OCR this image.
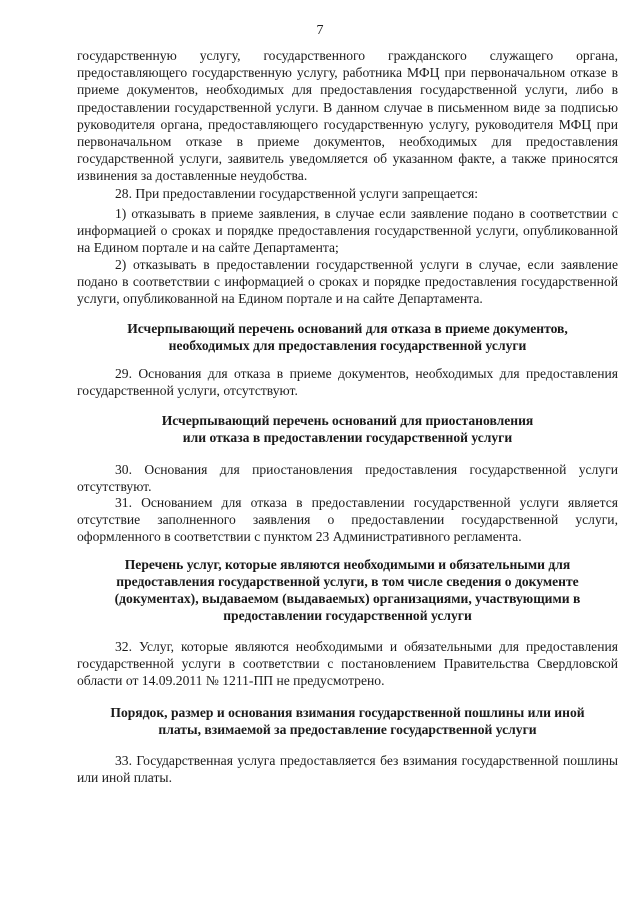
7

государственную услугу, государственного гражданского служащего органа, предоставляющего государственную услугу, работника МФЦ при первоначальном отказе в приеме документов, необходимых для предоставления государственной услуги, либо в предоставлении государственной услуги. В данном случае в письменном виде за подписью руководителя органа, предоставляющего государственную услугу, руководителя МФЦ при первоначальном отказе в приеме документов, необходимых для предоставления государственной услуги, заявитель уведомляется об указанном факте, а также приносятся извинения за доставленные неудобства.

28. При предоставлении государственной услуги запрещается:

1) отказывать в приеме заявления, в случае если заявление подано в соответствии с информацией о сроках и порядке предоставления государственной услуги, опубликованной на Едином портале и на сайте Департамента;

2) отказывать в предоставлении государственной услуги в случае, если заявление подано в соответствии с информацией о сроках и порядке предоставления государственной услуги, опубликованной на Едином портале и на сайте Департамента.

Исчерпывающий перечень оснований для отказа в приеме документов,
необходимых для предоставления государственной услуги

29. Основания для отказа в приеме документов, необходимых для предоставления государственной услуги, отсутствуют.

Исчерпывающий перечень оснований для приостановления
или отказа в предоставлении государственной услуги

30. Основания для приостановления предоставления государственной услуги отсутствуют.

31. Основанием для отказа в предоставлении государственной услуги является отсутствие заполненного заявления о предоставлении государственной услуги, оформленного в соответствии с пунктом 23 Административного регламента.

Перечень услуг, которые являются необходимыми и обязательными для
предоставления государственной услуги, в том числе сведения о документе
(документах), выдаваемом (выдаваемых) организациями, участвующими в
предоставлении государственной услуги

32. Услуг, которые являются необходимыми и обязательными для предоставления государственной услуги в соответствии с постановлением Правительства Свердловской области от 14.09.2011 № 1211-ПП не предусмотрено.

Порядок, размер и основания взимания государственной пошлины или иной
платы, взимаемой за предоставление государственной услуги

33. Государственная услуга предоставляется без взимания государственной пошлины или иной платы.
